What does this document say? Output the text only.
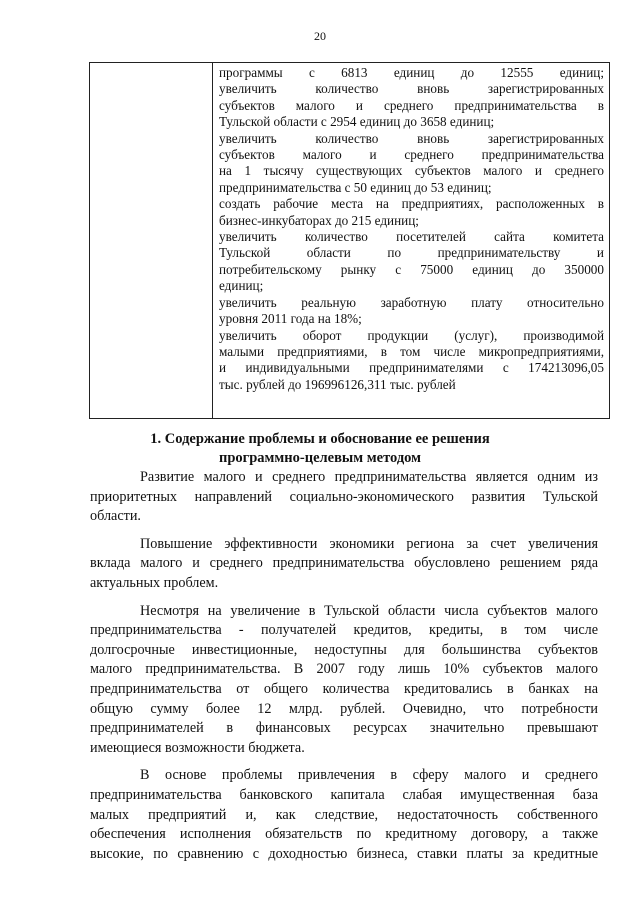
20
программы с 6813 единиц до 12555 единиц;
увеличить количество вновь зарегистрированных
субъектов малого и среднего предпринимательства в
Тульской области с 2954 единиц до 3658 единиц;
увеличить количество вновь зарегистрированных
субъектов малого и среднего предпринимательства
на 1 тысячу существующих субъектов малого и среднего
предпринимательства с 50 единиц до 53 единиц;
создать рабочие места на предприятиях, расположенных в
бизнес-инкубаторах до 215 единиц;
увеличить количество посетителей сайта комитета
Тульской области по предпринимательству и
потребительскому рынку с 75000 единиц до 350000
единиц;
увеличить реальную заработную плату относительно
уровня 2011 года на 18%;
увеличить оборот продукции (услуг), производимой
малыми предприятиями, в том числе микропредприятиями,
и индивидуальными предпринимателями с 174213096,05
тыс. рублей до 196996126,311 тыс. рублей
1. Содержание проблемы и обоснование ее решения
программно-целевым методом
Развитие малого и среднего предпринимательства является одним из
приоритетных направлений социально-экономического развития Тульской
области.
Повышение эффективности экономики региона за счет увеличения
вклада малого и среднего предпринимательства обусловлено решением ряда
актуальных проблем.
Несмотря на увеличение в Тульской области числа субъектов малого
предпринимательства - получателей кредитов, кредиты, в том числе
долгосрочные инвестиционные, недоступны для большинства субъектов
малого предпринимательства. В 2007 году лишь 10% субъектов малого
предпринимательства от общего количества кредитовались в банках на
общую сумму более 12 млрд. рублей. Очевидно, что потребности
предпринимателей в финансовых ресурсах значительно превышают
имеющиеся возможности бюджета.
В основе проблемы привлечения в сферу малого и среднего
предпринимательства банковского капитала слабая имущественная база
малых предприятий и, как следствие, недостаточность собственного
обеспечения исполнения обязательств по кредитному договору, а также
высокие, по сравнению с доходностью бизнеса, ставки платы за кредитные
